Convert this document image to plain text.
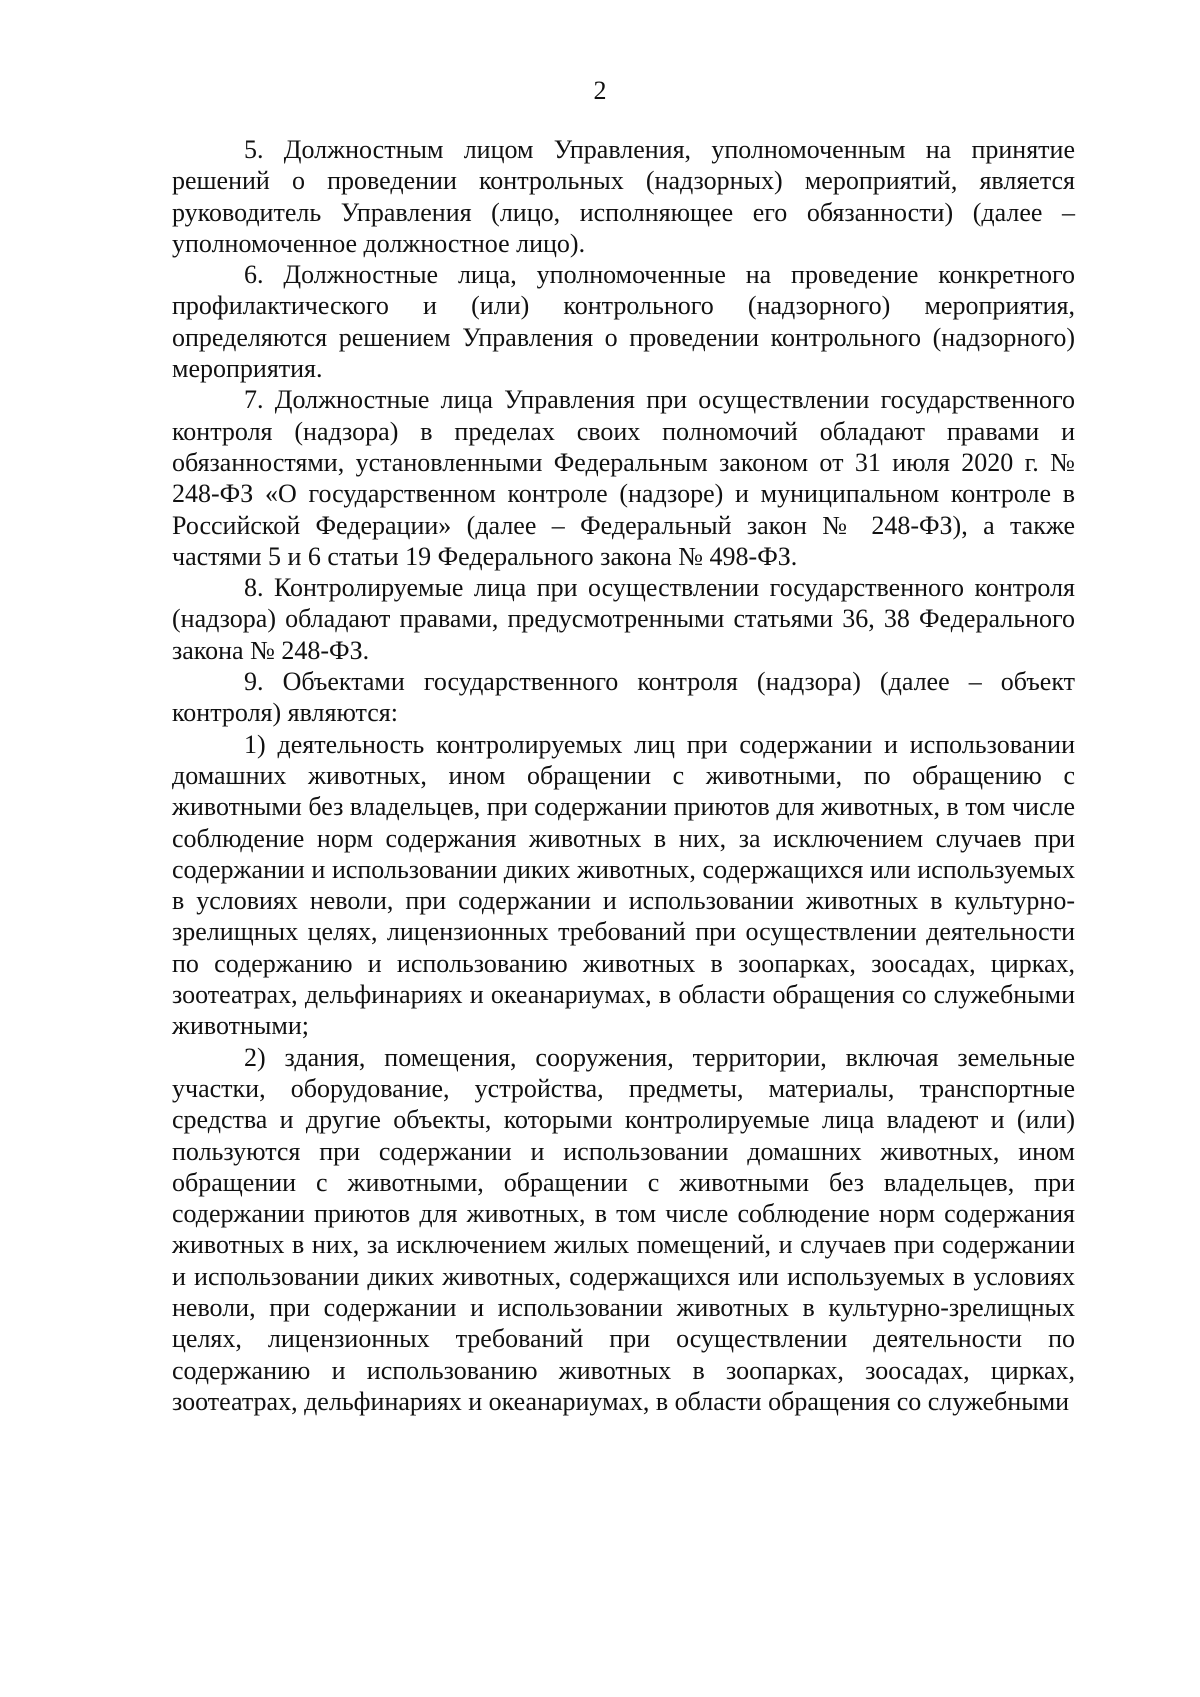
2

5. Должностным лицом Управления, уполномоченным на принятие решений о проведении контрольных (надзорных) мероприятий, является руководитель Управления (лицо, исполняющее его обязанности) (далее – уполномоченное должностное лицо).

6. Должностные лица, уполномоченные на проведение конкретного профилактического и (или) контрольного (надзорного) мероприятия, определяются решением Управления о проведении контрольного (надзорного) мероприятия.

7. Должностные лица Управления при осуществлении государственного контроля (надзора) в пределах своих полномочий обладают правами и обязанностями, установленными Федеральным законом от 31 июля 2020 г. № 248-ФЗ «О государственном контроле (надзоре) и муниципальном контроле в Российской Федерации» (далее – Федеральный закон № 248-ФЗ), а также частями 5 и 6 статьи 19 Федерального закона № 498-ФЗ.

8. Контролируемые лица при осуществлении государственного контроля (надзора) обладают правами, предусмотренными статьями 36, 38 Федерального закона № 248-ФЗ.

9. Объектами государственного контроля (надзора) (далее – объект контроля) являются:

1) деятельность контролируемых лиц при содержании и использовании домашних животных, ином обращении с животными, по обращению с животными без владельцев, при содержании приютов для животных, в том числе соблюдение норм содержания животных в них, за исключением случаев при содержании и использовании диких животных, содержащихся или используемых в условиях неволи, при содержании и использовании животных в культурно-зрелищных целях, лицензионных требований при осуществлении деятельности по содержанию и использованию животных в зоопарках, зоосадах, цирках, зоотеатрах, дельфинариях и океанариумах, в области обращения со служебными животными;

2) здания, помещения, сооружения, территории, включая земельные участки, оборудование, устройства, предметы, материалы, транспортные средства и другие объекты, которыми контролируемые лица владеют и (или) пользуются при содержании и использовании домашних животных, ином обращении с животными, обращении с животными без владельцев, при содержании приютов для животных, в том числе соблюдение норм содержания животных в них, за исключением жилых помещений, и случаев при содержании и использовании диких животных, содержащихся или используемых в условиях неволи, при содержании и использовании животных в культурно-зрелищных целях, лицензионных требований при осуществлении деятельности по содержанию и использованию животных в зоопарках, зоосадах, цирках, зоотеатрах, дельфинариях и океанариумах, в области обращения со служебными
